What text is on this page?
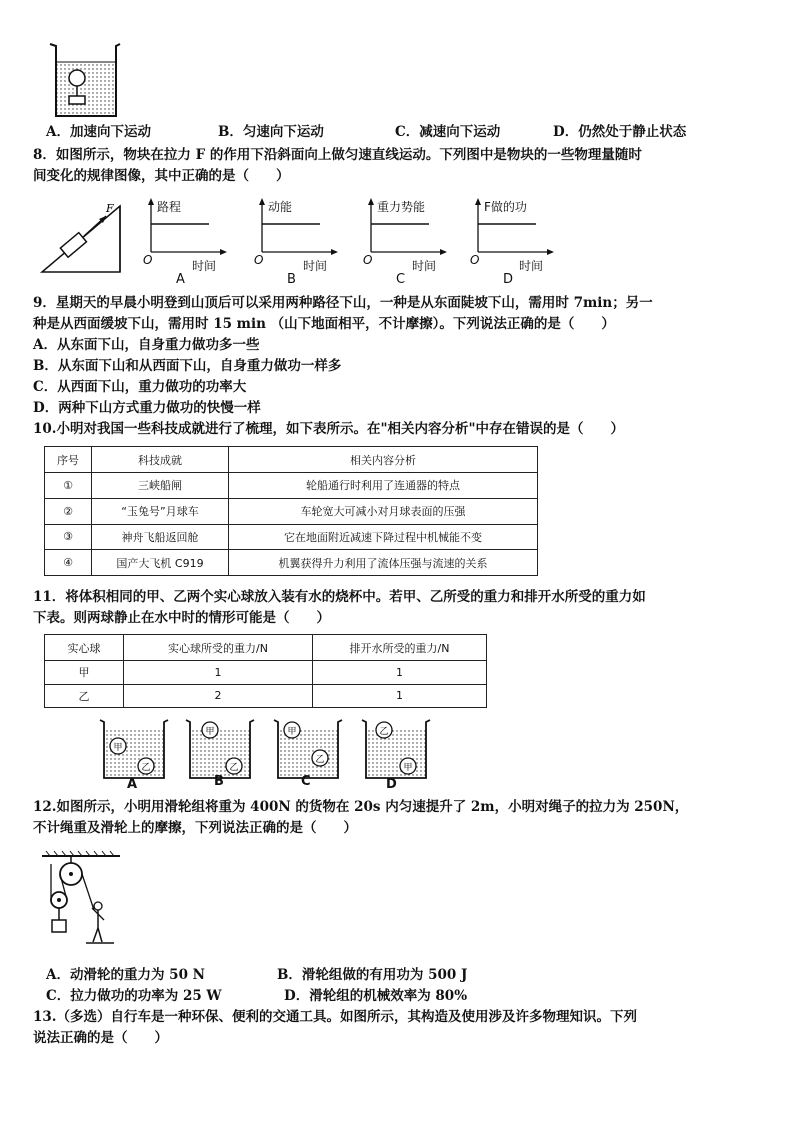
A．加速向下运动	B．匀速向下运动	C．减速向下运动	D．仍然处于静止状态
8．如图所示，物块在拉力 F 的作用下沿斜面向上做匀速直线运动。下列图中是物块的一些物理量随时
间变化的规律图像，其中正确的是（　　）
F	路程
O	时间
A
动能
O	时间
B
重力势能
O	时间
C
F做的功
O	时间
D
9．星期天的早晨小明登到山顶后可以采用两种路径下山，一种是从东面陡坡下山，需用时 7min；另一
种是从西面缓坡下山，需用时 15 min （山下地面相平，不计摩擦）。下列说法正确的是（　　）
A．从东面下山，自身重力做功多一些
B．从东面下山和从西面下山，自身重力做功一样多
C．从西面下山，重力做功的功率大
D．两种下山方式重力做功的快慢一样
10.小明对我国一些科技成就进行了梳理，如下表所示。在"相关内容分析"中存在错误的是（　　）
序号	科技成就	相关内容分析
①	三峡船闸	轮船通行时利用了连通器的特点
②	“玉兔号”月球车	车轮宽大可减小对月球表面的压强
③	神舟飞船返回舱	它在地面附近减速下降过程中机械能不变
④	国产大飞机 C919	机翼获得升力利用了流体压强与流速的关系
11．将体积相同的甲、乙两个实心球放入装有水的烧杯中。若甲、乙所受的重力和排开水所受的重力如
下表。则两球静止在水中时的情形可能是（　　）
实心球	实心球所受的重力/N	排开水所受的重力/N
甲	1	1
乙	2	1
甲
乙
A
甲
乙
B
甲
乙
C
乙
甲
D
12.如图所示，小明用滑轮组将重为 400N 的货物在 20s 内匀速提升了 2m，小明对绳子的拉力为 250N，
不计绳重及滑轮上的摩擦，下列说法正确的是（　　）
A．动滑轮的重力为 50 N	B．滑轮组做的有用功为 500 J
C．拉力做功的功率为 25 W	D．滑轮组的机械效率为 80%
13.（多选）自行车是一种环保、便利的交通工具。如图所示，其构造及使用涉及许多物理知识。下列
说法正确的是（　　）
